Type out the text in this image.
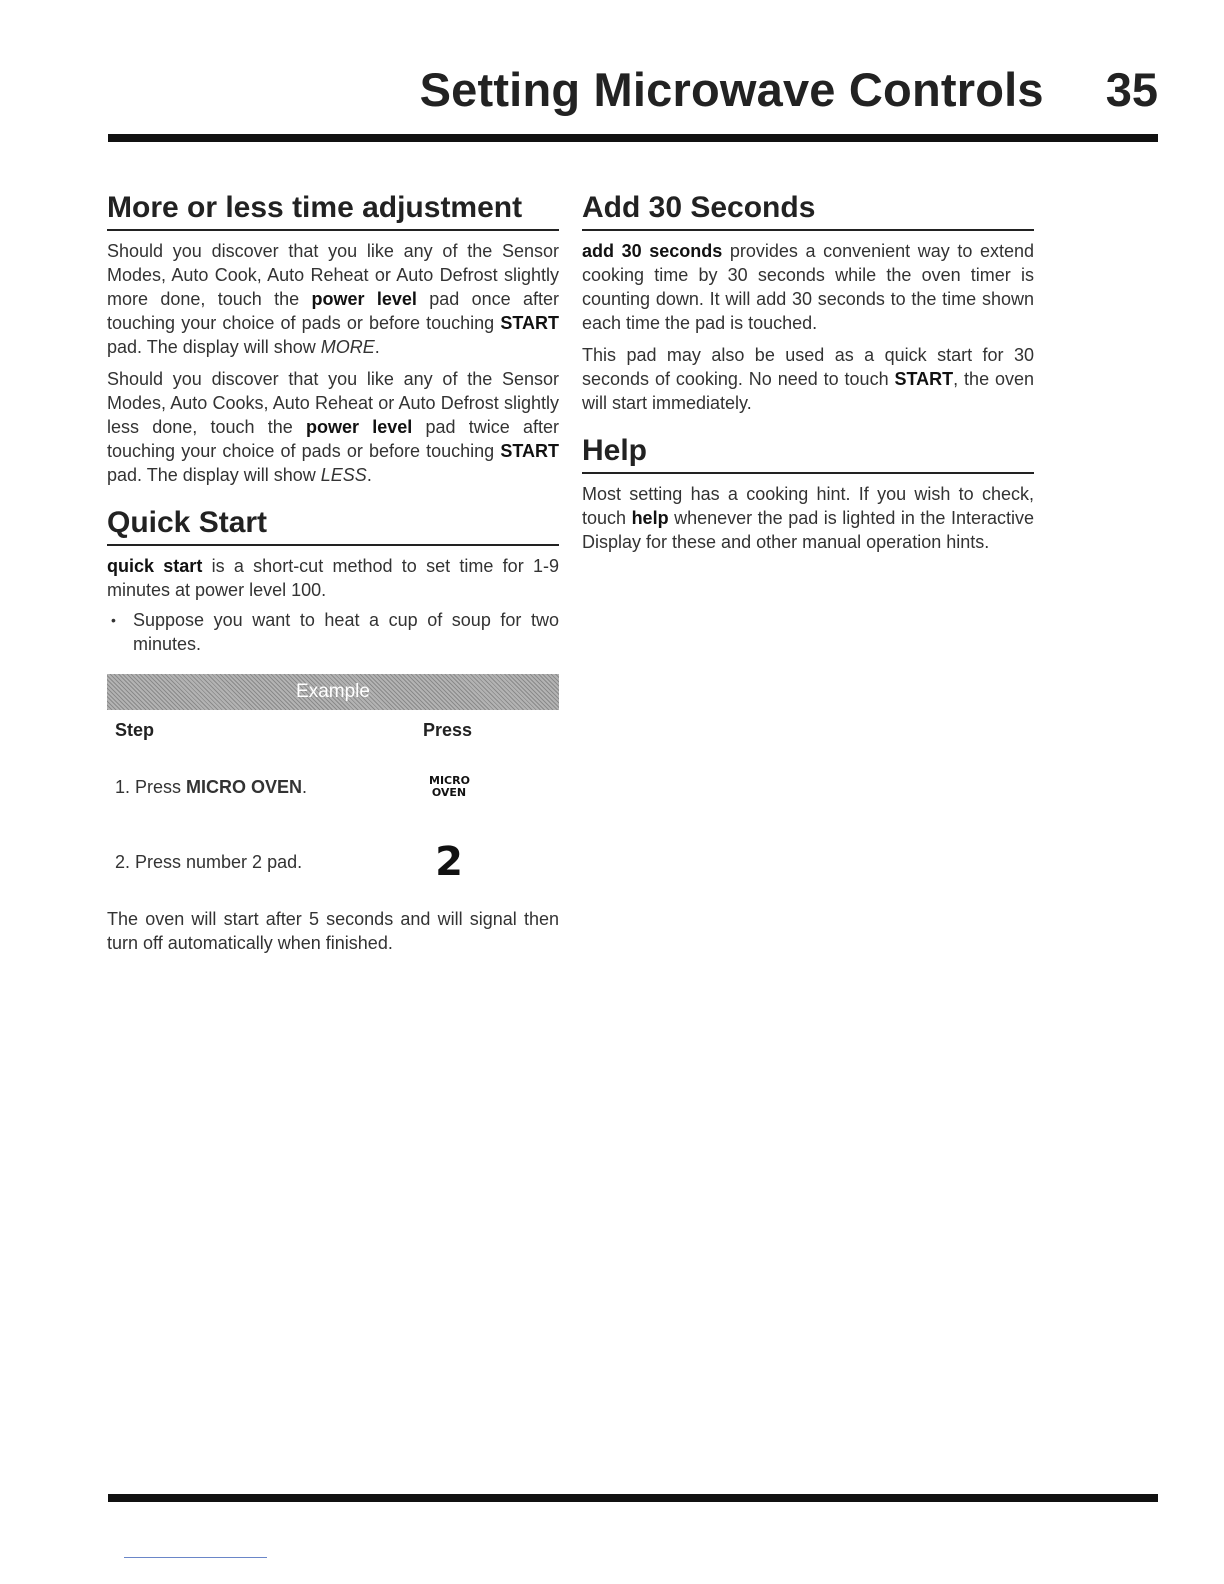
Setting Microwave Controls 35
More or less time adjustment

Should you discover that you like any of the Sensor Modes, Auto Cook, Auto Reheat or Auto Defrost slightly more done, touch the power level pad once after touching your choice of pads or before touching START pad. The display will show MORE.

Should you discover that you like any of the Sensor Modes, Auto Cooks, Auto Reheat or Auto Defrost slightly less done, touch the power level pad twice after touching your choice of pads or before touching START pad. The display will show LESS.

Quick Start

quick start is a short-cut method to set time for 1-9 minutes at power level 100.

• Suppose you want to heat a cup of soup for two minutes.
Example
Step	Press
1. Press MICRO OVEN.	MICRO
OVEN
2. Press number 2 pad.	2

The oven will start after 5 seconds and will signal then turn off automatically when finished.

Add 30 Seconds

add 30 seconds provides a convenient way to extend cooking time by 30 seconds while the oven timer is counting down. It will add 30 seconds to the time shown each time the pad is touched.

This pad may also be used as a quick start for 30 seconds of cooking. No need to touch START, the oven will start immediately.

Help

Most setting has a cooking hint. If you wish to check, touch help whenever the pad is lighted in the Interactive Display for these and other manual operation hints.
